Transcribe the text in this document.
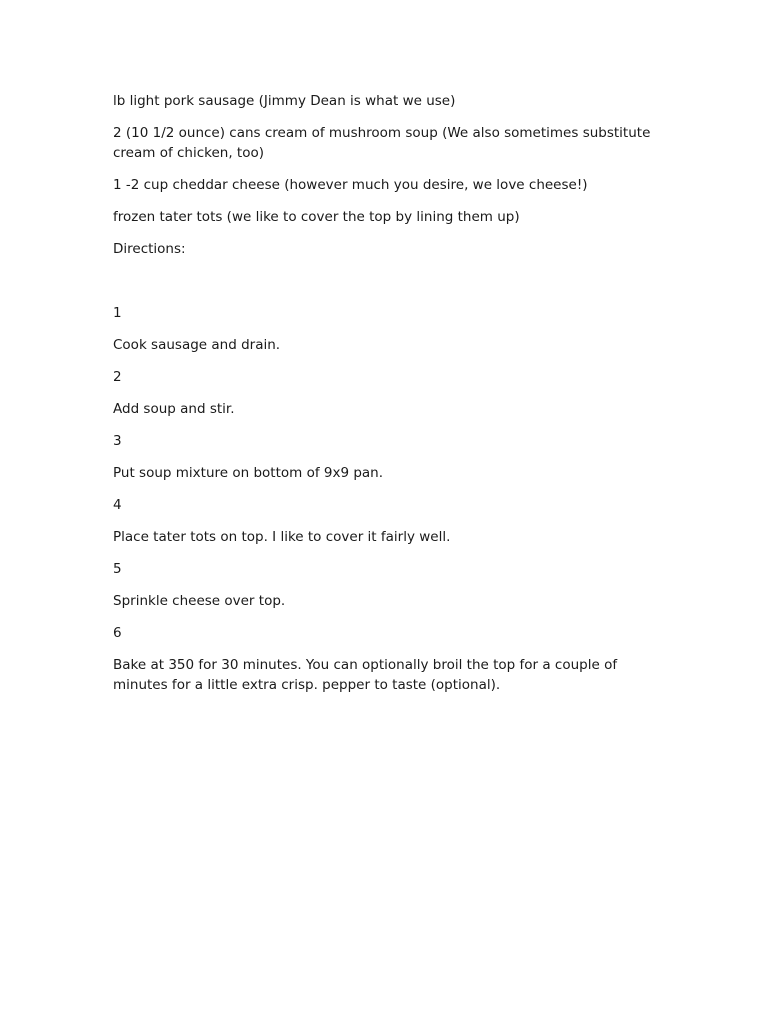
lb light pork sausage (Jimmy Dean is what we use)

2 (10 1/2 ounce) cans cream of mushroom soup (We also sometimes substitute cream of chicken, too)

1 -2 cup cheddar cheese (however much you desire, we love cheese!)

frozen tater tots (we like to cover the top by lining them up)

Directions:

1

Cook sausage and drain.

2

Add soup and stir.

3

Put soup mixture on bottom of 9x9 pan.

4

Place tater tots on top. I like to cover it fairly well.

5

Sprinkle cheese over top.

6

Bake at 350 for 30 minutes. You can optionally broil the top for a couple of minutes for a little extra crisp. pepper to taste (optional).
